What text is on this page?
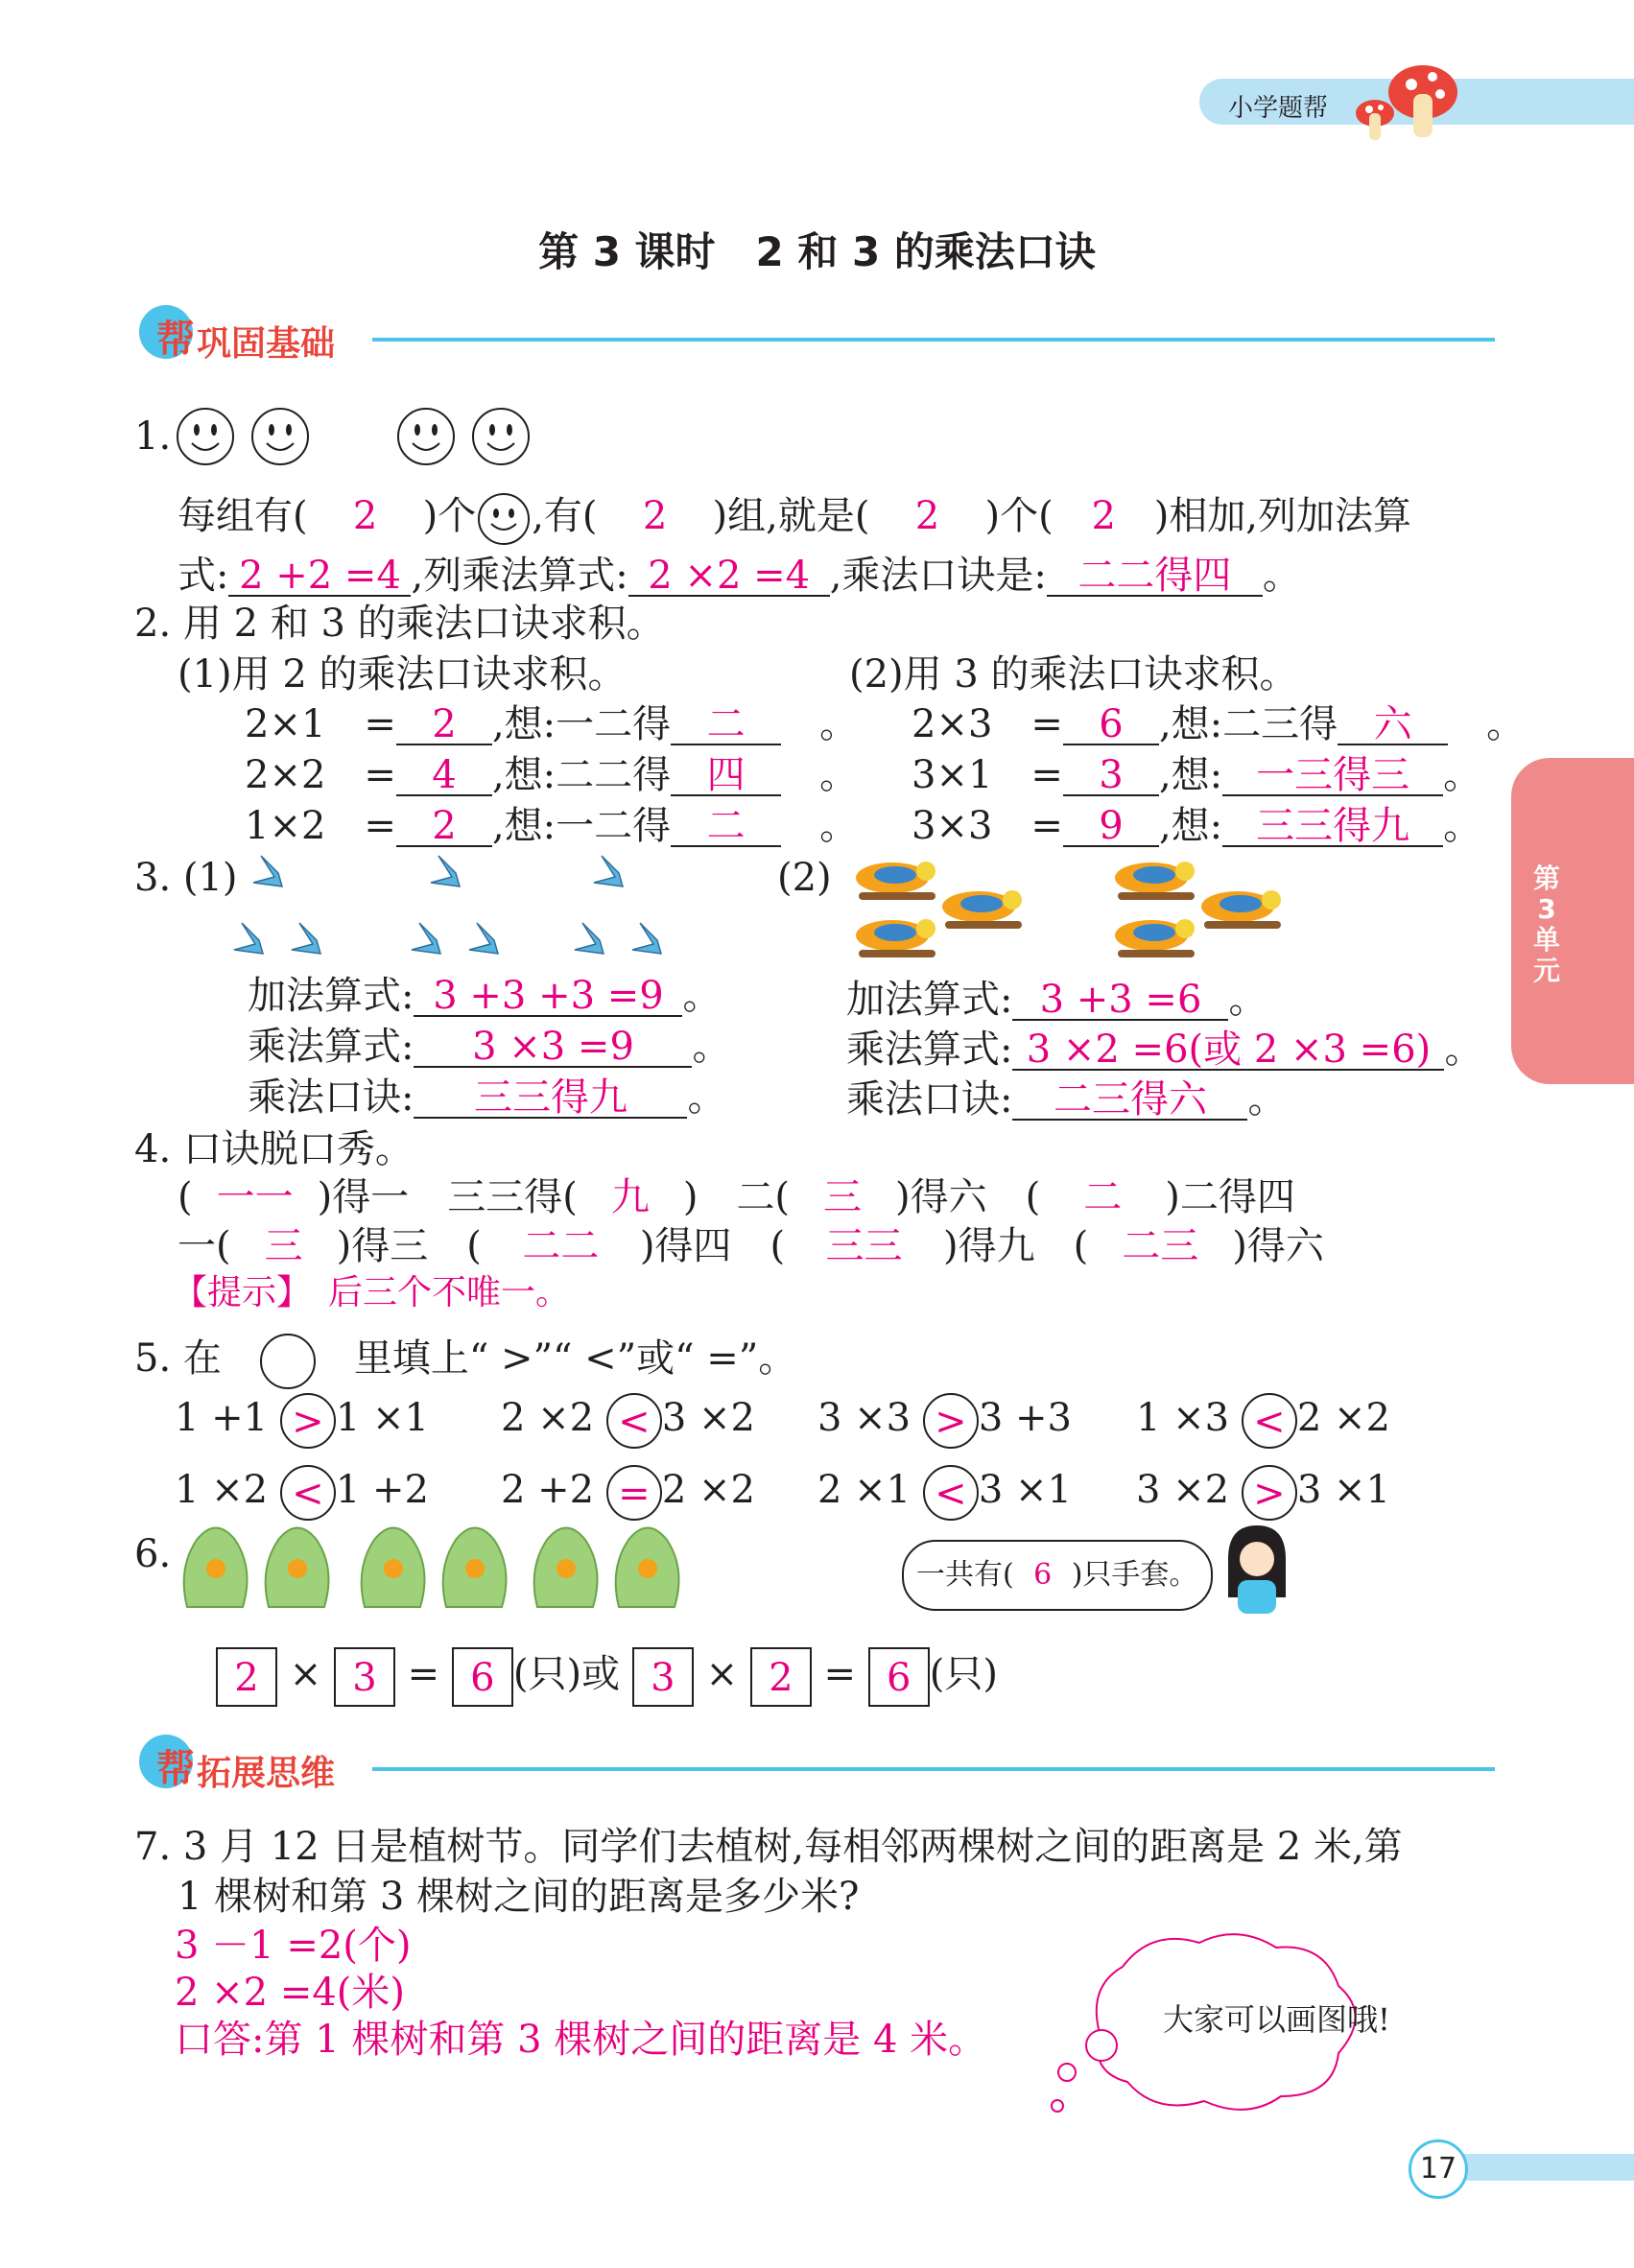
小学题帮
第
3
单
元
第 3 课时　2 和 3 的乘法口诀
帮 巩固基础
1.
每组有( 2 )个 ,有( 2 )组,就是( 2 )个( 2 )相加,列加法算
式: 2 +2 =4 ,列乘法算式: 2 ×2 =4 ,乘法口诀是: 二二得四 。
2. 用 2 和 3 的乘法口诀求积。
(1)用 2 的乘法口诀求积。	(2)用 3 的乘法口诀求积。
2×1　= 2 ,想:一二得 二　。
2×2　= 4 ,想:二二得 四　。
1×2　= 2 ,想:一二得 二　。
2×3　= 6 ,想:二三得 六　。
3×1　= 3 ,想: 一三得三 。
3×3　= 9 ,想: 三三得九 。
3. (1)	(2)
加法算式: 3 +3 +3 =9 。
乘法算式: 3 ×3 =9 。
乘法口诀: 三三得九 。
加法算式: 3 +3 =6 。
乘法算式: 3 ×2 =6(或 2 ×3 =6) 。
乘法口诀: 二三得六 。
4. 口诀脱口秀。
( 一一 )得一　 三三得( 九 )　 二( 三 )得六　 ( 二 )二得四
一( 三 )得三　 ( 二二 )得四　 ( 三三 )得九　 ( 二三 )得六
【提示】　 后三个不唯一。
5. 在　　	里填上“ >”“ <”或“ =”。
1 +1 > 1 ×1 2 ×2 < 3 ×2 3 ×3 > 3 +3 1 ×3 < 2 ×2
1 ×2 < 1 +2 2 +2 = 2 ×2 2 ×1 < 3 ×1 3 ×2 > 3 ×1
6.	一共有( 6 )只手套。
2 × 3 = 6 (只)或 3 × 2 = 6 (只)
帮 拓展思维
7. 3 月 12 日是植树节。同学们去植树,每相邻两棵树之间的距离是 2 米,第
1 棵树和第 3 棵树之间的距离是多少米?
3 －1 =2(个)
2 ×2 =4(米)
口答:第 1 棵树和第 3 棵树之间的距离是 4 米。	大家可以画图哦!
17
